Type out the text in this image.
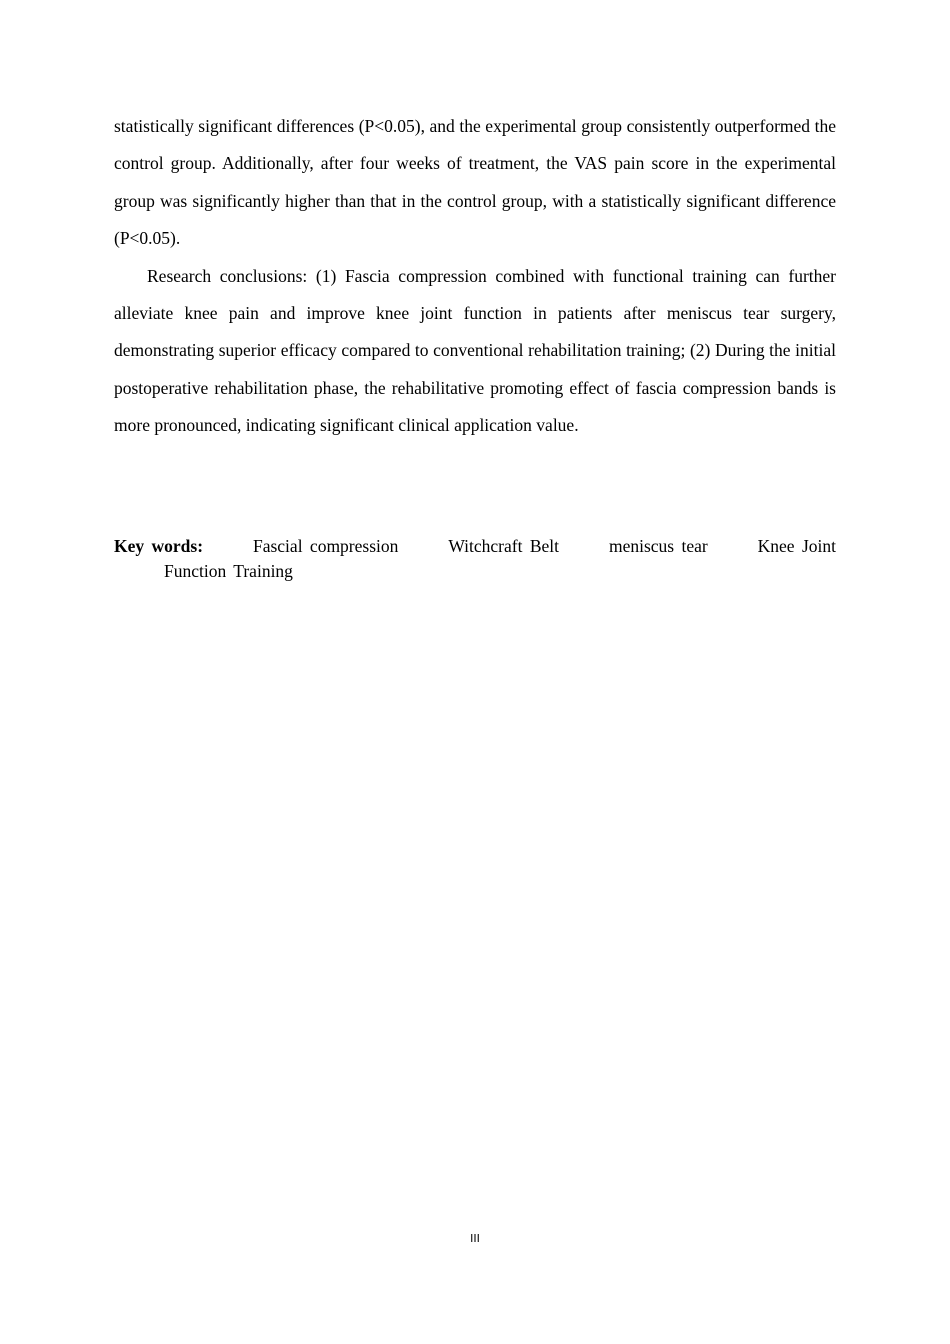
statistically significant differences (P<0.05), and the experimental group consistently outperformed the control group. Additionally, after four weeks of treatment, the VAS pain score in the experimental group was significantly higher than that in the control group, with a statistically significant difference (P<0.05).

Research conclusions: (1) Fascia compression combined with functional training can further alleviate knee pain and improve knee joint function in patients after meniscus tear surgery, demonstrating superior efficacy compared to conventional rehabilitation training; (2) During the initial postoperative rehabilitation phase, the rehabilitative promoting effect of fascia compression bands is more pronounced, indicating significant clinical application value.

Key words:	Fascial compression	Witchcraft Belt	meniscus tear	Knee Joint
Function Training
III
